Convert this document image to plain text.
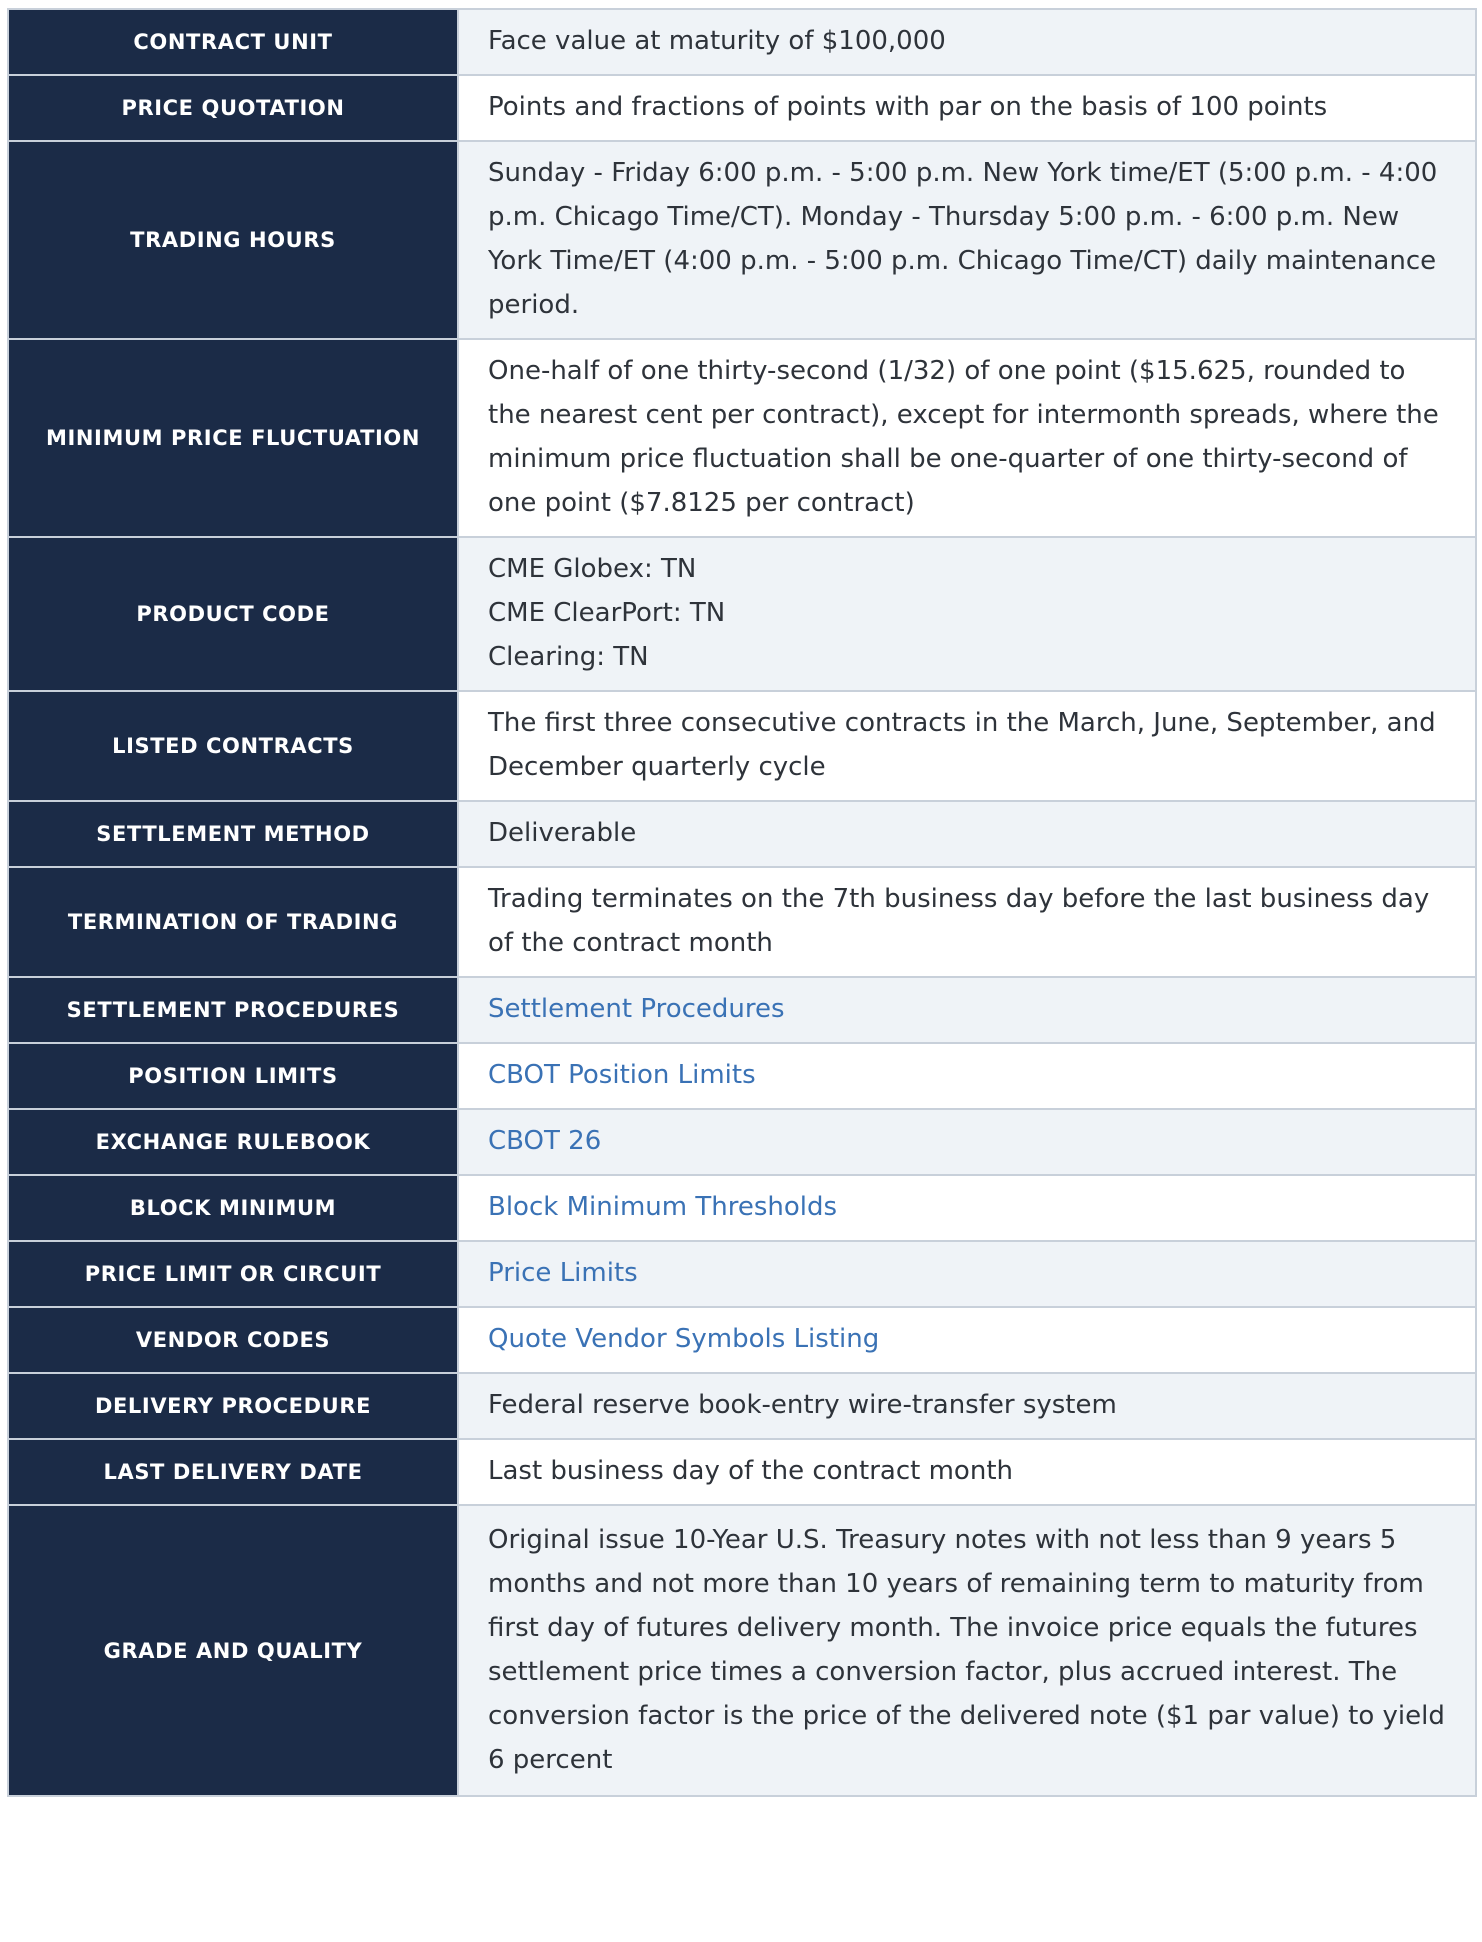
CONTRACT UNIT	Face value at maturity of $100,000
PRICE QUOTATION	Points and fractions of points with par on the basis of 100 points
TRADING HOURS	Sunday - Friday 6:00 p.m. - 5:00 p.m. New York time/ET (5:00 p.m. - 4:00 p.m. Chicago Time/CT). Monday - Thursday 5:00 p.m. - 6:00 p.m. New York Time/ET (4:00 p.m. - 5:00 p.m. Chicago Time/CT) daily maintenance period.
MINIMUM PRICE FLUCTUATION	One-half of one thirty-second (1/32) of one point ($15.625, rounded to the nearest cent per contract), except for intermonth spreads, where the minimum price fluctuation shall be one-quarter of one thirty-second of one point ($7.8125 per contract)
PRODUCT CODE	CME Globex: TN
CME ClearPort: TN
Clearing: TN

LISTED CONTRACTS	The first three consecutive contracts in the March, June, September, and December quarterly cycle
SETTLEMENT METHOD	Deliverable
TERMINATION OF TRADING	Trading terminates on the 7th business day before the last business day of the contract month
SETTLEMENT PROCEDURES	Settlement Procedures
POSITION LIMITS	CBOT Position Limits
EXCHANGE RULEBOOK	CBOT 26
BLOCK MINIMUM	Block Minimum Thresholds
PRICE LIMIT OR CIRCUIT	Price Limits
VENDOR CODES	Quote Vendor Symbols Listing
DELIVERY PROCEDURE	Federal reserve book-entry wire-transfer system
LAST DELIVERY DATE	Last business day of the contract month
GRADE AND QUALITY	Original issue 10-Year U.S. Treasury notes with not less than 9 years 5 months and not more than 10 years of remaining term to maturity from first day of futures delivery month. The invoice price equals the futures settlement price times a conversion factor, plus accrued interest. The conversion factor is the price of the delivered note ($1 par value) to yield 6 percent
